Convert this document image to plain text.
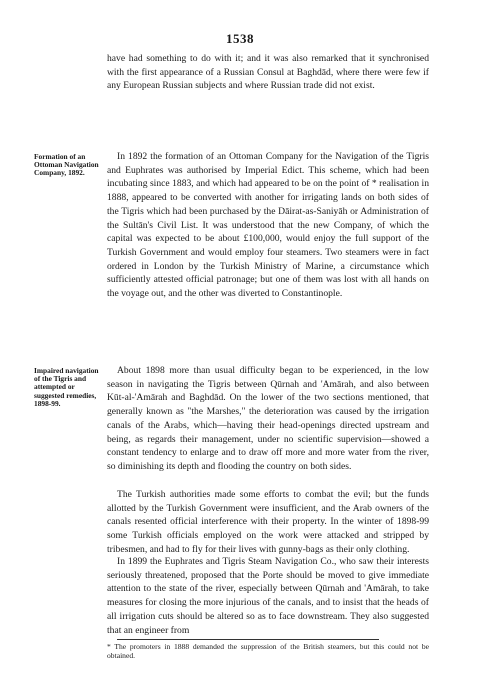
1538

have had something to do with it; and it was also remarked that it synchronised with the first appearance of a Russian Consul at Baghdād, where there were few if any European Russian subjects and where Russian trade did not exist.

Formation of an Ottoman Navigation Company, 1892.

In 1892 the formation of an Ottoman Company for the Navigation of the Tigris and Euphrates was authorised by Imperial Edict. This scheme, which had been incubating since 1883, and which had appeared to be on the point of * realisation in 1888, appeared to be converted with another for irrigating lands on both sides of the Tigris which had been purchased by the Dāirat-as-Saniyāh or Administration of the Sultān's Civil List. It was understood that the new Company, of which the capital was expected to be about £100,000, would enjoy the full support of the Turkish Government and would employ four steamers. Two steamers were in fact ordered in London by the Turkish Ministry of Marine, a circumstance which sufficiently attested official patronage; but one of them was lost with all hands on the voyage out, and the other was diverted to Constantinople.

Impaired navigation of the Tigris and attempted or suggested remedies, 1898-99.

About 1898 more than usual difficulty began to be experienced, in the low season in navigating the Tigris between Qūrnah and 'Amārah, and also between Kūt-al-'Amārah and Baghdād. On the lower of the two sections mentioned, that generally known as "the Marshes," the deterioration was caused by the irrigation canals of the Arabs, which—having their head-openings directed upstream and being, as regards their management, under no scientific supervision—showed a constant tendency to enlarge and to draw off more and more water from the river, so diminishing its depth and flooding the country on both sides.

The Turkish authorities made some efforts to combat the evil; but the funds allotted by the Turkish Government were insufficient, and the Arab owners of the canals resented official interference with their property. In the winter of 1898-99 some Turkish officials employed on the work were attacked and stripped by tribesmen, and had to fly for their lives with gunny-bags as their only clothing.

In 1899 the Euphrates and Tigris Steam Navigation Co., who saw their interests seriously threatened, proposed that the Porte should be moved to give immediate attention to the state of the river, especially between Qūrnah and 'Amārah, to take measures for closing the more injurious of the canals, and to insist that the heads of all irrigation cuts should be altered so as to face downstream. They also suggested that an engineer from

* The promoters in 1888 demanded the suppression of the British steamers, but this could not be obtained.
